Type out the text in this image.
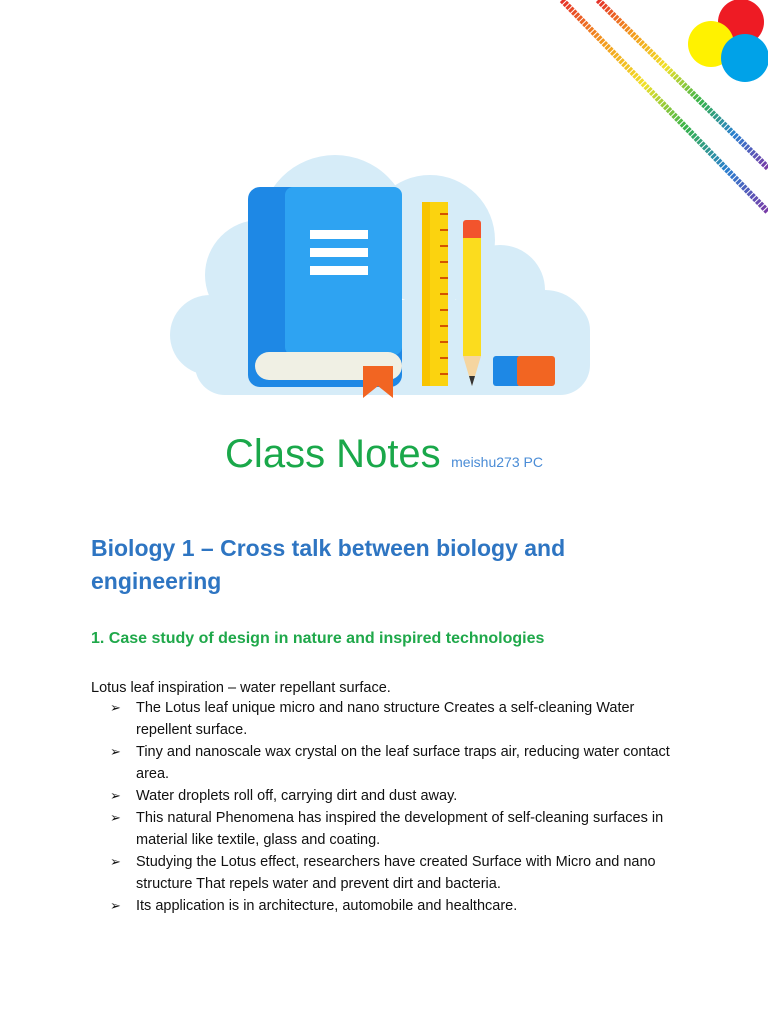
Class Notes meishu273 PC
Biology 1 – Cross talk between biology and engineering
1. Case study of design in nature and inspired technologies
Lotus leaf inspiration – water repellant surface.
➢ The Lotus leaf unique micro and nano structure Creates a self-cleaning Water repellent surface.
➢ Tiny and nanoscale wax crystal on the leaf surface traps air, reducing water contact area.
➢ Water droplets roll off, carrying dirt and dust away.
➢ This natural Phenomena has inspired the development of self-cleaning surfaces in material like textile, glass and coating.
➢ Studying the Lotus effect, researchers have created Surface with Micro and nano structure That repels water and prevent dirt and bacteria.
➢ Its application is in architecture, automobile and healthcare.
